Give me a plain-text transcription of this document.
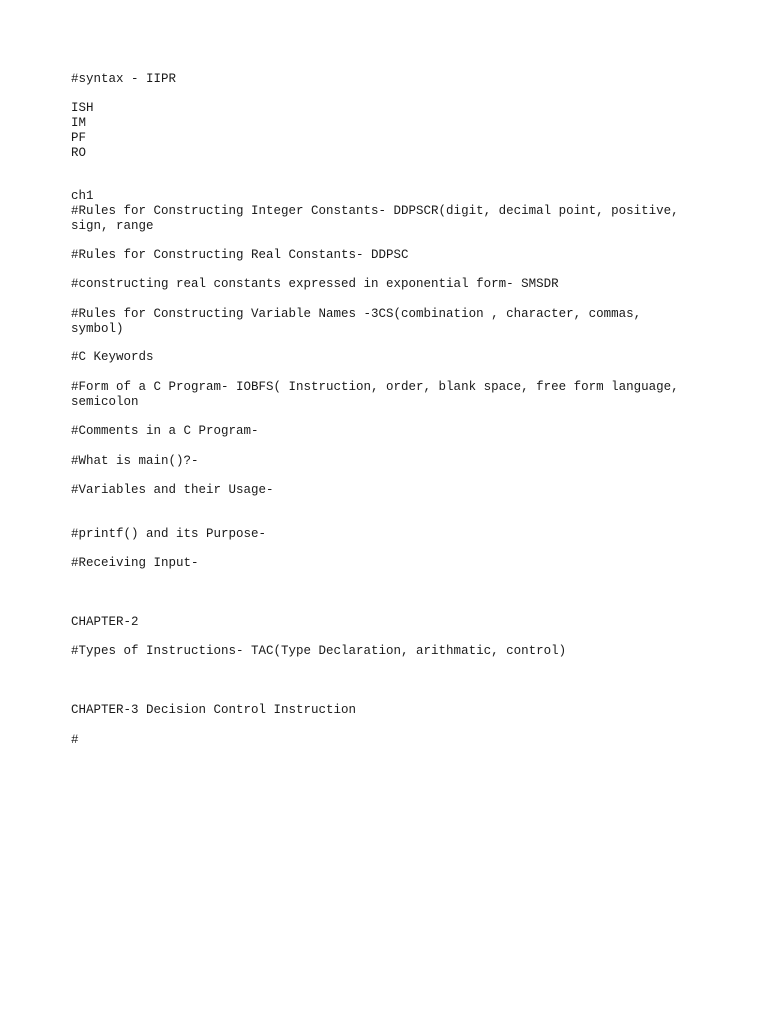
#syntax - IIPR

ISH

IM

PF

RO

ch1

#Rules for Constructing Integer Constants- DDPSCR(digit, decimal point, positive,

sign, range

#Rules for Constructing Real Constants- DDPSC

#constructing real constants expressed in exponential form- SMSDR

#Rules for Constructing Variable Names -3CS(combination , character, commas,

symbol)

#C Keywords

#Form of a C Program- IOBFS( Instruction, order, blank space, free form language,

semicolon

#Comments in a C Program-

#What is main()?-

#Variables and their Usage-

#printf() and its Purpose-

#Receiving Input-

CHAPTER-2

#Types of Instructions- TAC(Type Declaration, arithmatic, control)

CHAPTER-3 Decision Control Instruction

#
